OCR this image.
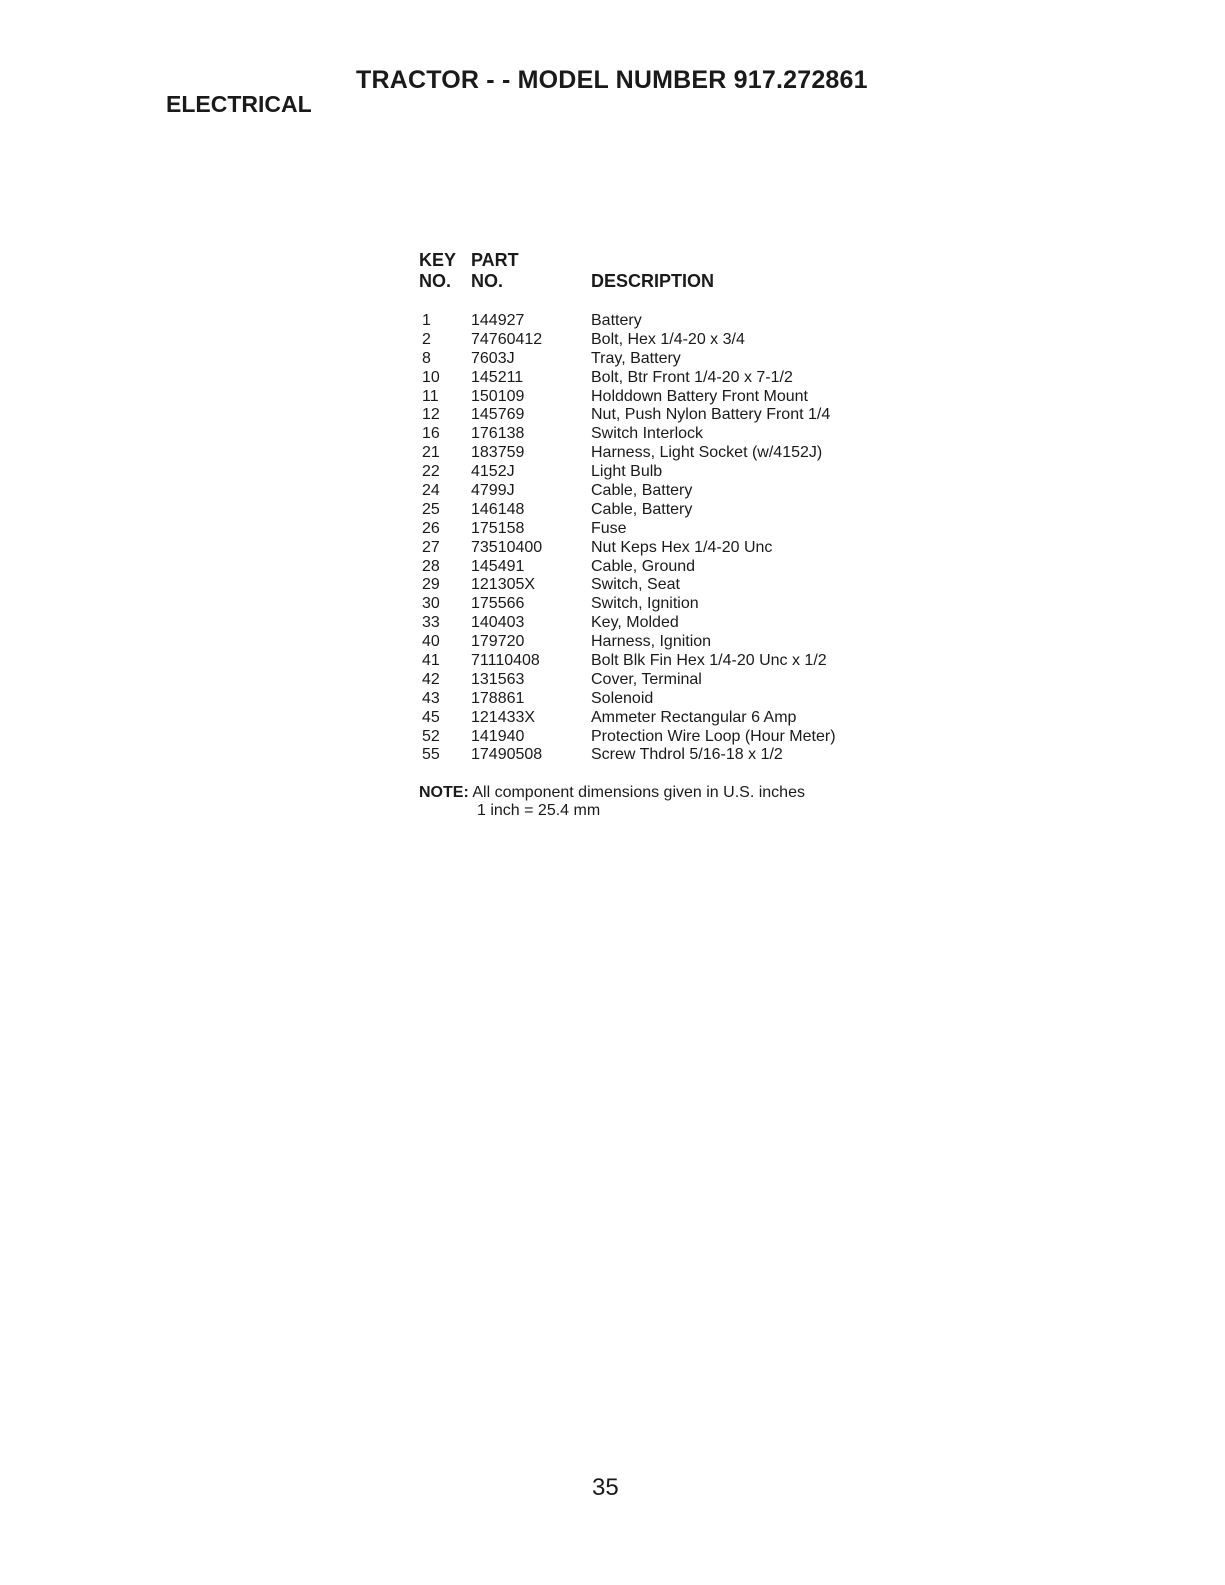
TRACTOR - - MODEL NUMBER 917.272861
ELECTRICAL
KEY
NO.
PART
NO.	DESCRIPTION
1	144927	Battery
2	74760412	Bolt, Hex 1/4-20 x 3/4
8	7603J	Tray, Battery
10 145211	Bolt, Btr Front 1/4-20 x 7-1/2
11 150109	Holddown Battery Front Mount
12 145769	Nut, Push Nylon Battery Front 1/4
16 176138	Switch Interlock
21 183759	Harness, Light Socket (w/4152J)
22 4152J	Light Bulb
24 4799J	Cable, Battery
25 146148	Cable, Battery
26 175158	Fuse
27 73510400	Nut Keps Hex 1/4-20 Unc
28 145491	Cable, Ground
29 121305X	Switch, Seat
30 175566	Switch, Ignition
33 140403	Key, Molded
40 179720	Harness, Ignition
41 71110408	Bolt Blk Fin Hex 1/4-20 Unc x 1/2
42 131563	Cover, Terminal
43 178861	Solenoid
45 121433X	Ammeter Rectangular 6 Amp
52 141940	Protection Wire Loop (Hour Meter)
55 17490508	Screw Thdrol 5/16-18 x 1/2
NOTE: All component dimensions given in U.S. inches
1 inch = 25.4 mm
35
